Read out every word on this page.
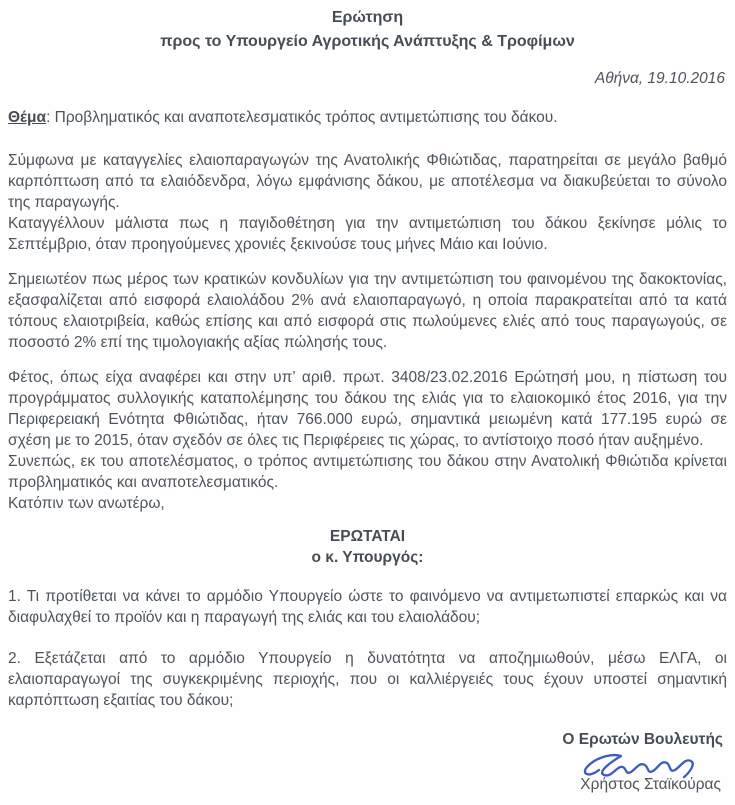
Ερώτηση
προς το Υπουργείο Αγροτικής Ανάπτυξης & Τροφίμων
Αθήνα, 19.10.2016

Θέμα: Προβληματικός και αναποτελεσματικός τρόπος αντιμετώπισης του δάκου.

Σύμφωνα με καταγγελίες ελαιοπαραγωγών της Ανατολικής Φθιώτιδας, παρατηρείται σε μεγάλο βαθμό καρπόπτωση από τα ελαιόδενδρα, λόγω εμφάνισης δάκου, με αποτέλεσμα να διακυβεύεται το σύνολο της παραγωγής.

Καταγγέλλουν μάλιστα πως η παγιδοθέτηση για την αντιμετώπιση του δάκου ξεκίνησε μόλις το Σεπτέμβριο, όταν προηγούμενες χρονιές ξεκινούσε τους μήνες Μάιο και Ιούνιο.

Σημειωτέον πως μέρος των κρατικών κονδυλίων για την αντιμετώπιση του φαινομένου της δακοκτονίας, εξασφαλίζεται από εισφορά ελαιολάδου 2% ανά ελαιοπαραγωγό, η οποία παρακρατείται από τα κατά τόπους ελαιοτριβεία, καθώς επίσης και από εισφορά στις πωλούμενες ελιές από τους παραγωγούς, σε ποσοστό 2% επί της τιμολογιακής αξίας πώλησής τους.

Φέτος, όπως είχα αναφέρει και στην υπ’ αριθ. πρωτ. 3408/23.02.2016 Ερώτησή μου, η πίστωση του προγράμματος συλλογικής καταπολέμησης του δάκου της ελιάς για το ελαιοκομικό έτος 2016, για την Περιφερειακή Ενότητα Φθιώτιδας, ήταν 766.000 ευρώ, σημαντικά μειωμένη κατά 177.195 ευρώ σε σχέση με το 2015, όταν σχεδόν σε όλες τις Περιφέρειες τις χώρας, το αντίστοιχο ποσό ήταν αυξημένο.

Συνεπώς, εκ του αποτελέσματος, ο τρόπος αντιμετώπισης του δάκου στην Ανατολική Φθιώτιδα κρίνεται προβληματικός και αναποτελεσματικός.

Κατόπιν των ανωτέρω,

ΕΡΩΤΑΤΑΙ
ο κ. Υπουργός:

1. Τι προτίθεται να κάνει το αρμόδιο Υπουργείο ώστε το φαινόμενο να αντιμετωπιστεί επαρκώς και να διαφυλαχθεί το προϊόν και η παραγωγή της ελιάς και του ελαιολάδου;

2. Εξετάζεται από το αρμόδιο Υπουργείο η δυνατότητα να αποζημιωθούν, μέσω ΕΛΓΑ, οι ελαιοπαραγωγοί της συγκεκριμένης περιοχής, που οι καλλιέργειές τους έχουν υποστεί σημαντική καρπόπτωση εξαιτίας του δάκου;

Ο Ερωτών Βουλευτής
Χρήστος Σταϊκούρας
